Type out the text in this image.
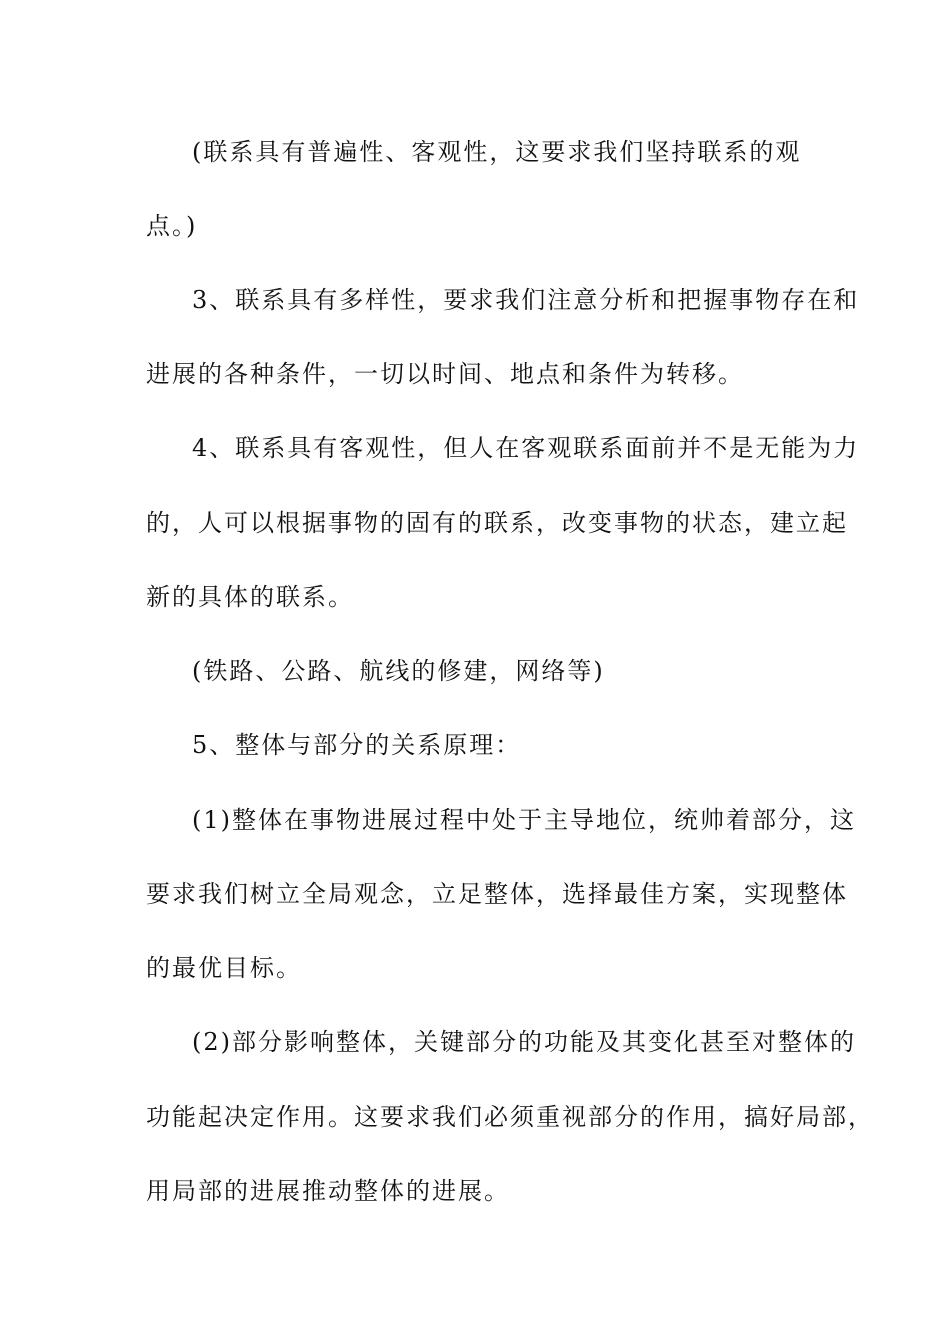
(联系具有普遍性、客观性，这要求我们坚持联系的观
点。)
3、联系具有多样性，要求我们注意分析和把握事物存在和
进展的各种条件，一切以时间、地点和条件为转移。
4、联系具有客观性，但人在客观联系面前并不是无能为力
的，人可以根据事物的固有的联系，改变事物的状态，建立起
新的具体的联系。
(铁路、公路、航线的修建，网络等)
5、整体与部分的关系原理：
(1)整体在事物进展过程中处于主导地位，统帅着部分，这
要求我们树立全局观念，立足整体，选择最佳方案，实现整体
的最优目标。
(2)部分影响整体，关键部分的功能及其变化甚至对整体的
功能起决定作用。这要求我们必须重视部分的作用，搞好局部，
用局部的进展推动整体的进展。
